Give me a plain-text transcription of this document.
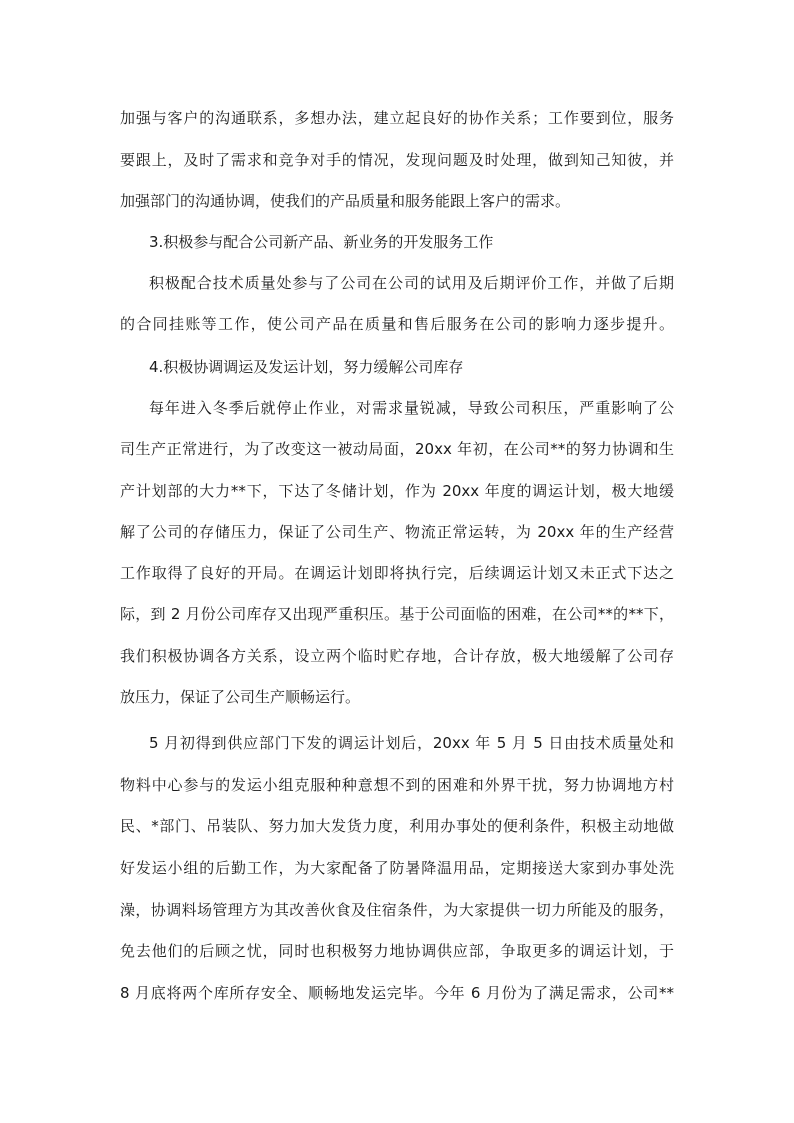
加强与客户的沟通联系，多想办法，建立起良好的协作关系；工作要到位，服务
要跟上，及时了需求和竞争对手的情况，发现问题及时处理，做到知己知彼，并
加强部门的沟通协调，使我们的产品质量和服务能跟上客户的需求。
3.积极参与配合公司新产品、新业务的开发服务工作
积极配合技术质量处参与了公司在公司的试用及后期评价工作，并做了后期
的合同挂账等工作，使公司产品在质量和售后服务在公司的影响力逐步提升。
4.积极协调调运及发运计划，努力缓解公司库存
每年进入冬季后就停止作业，对需求量锐减，导致公司积压，严重影响了公
司生产正常进行，为了改变这一被动局面，20xx 年初，在公司**的努力协调和生
产计划部的大力**下，下达了冬储计划，作为 20xx 年度的调运计划，极大地缓
解了公司的存储压力，保证了公司生产、物流正常运转，为 20xx 年的生产经营
工作取得了良好的开局。在调运计划即将执行完，后续调运计划又未正式下达之
际，到 2 月份公司库存又出现严重积压。基于公司面临的困难，在公司**的**下，
我们积极协调各方关系，设立两个临时贮存地，合计存放，极大地缓解了公司存
放压力，保证了公司生产顺畅运行。
5 月初得到供应部门下发的调运计划后，20xx 年 5 月 5 日由技术质量处和
物料中心参与的发运小组克服种种意想不到的困难和外界干扰，努力协调地方村
民、*部门、吊装队、努力加大发货力度，利用办事处的便利条件，积极主动地做
好发运小组的后勤工作，为大家配备了防暑降温用品，定期接送大家到办事处洗
澡，协调料场管理方为其改善伙食及住宿条件，为大家提供一切力所能及的服务，
免去他们的后顾之忧，同时也积极努力地协调供应部，争取更多的调运计划，于
8 月底将两个库所存安全、顺畅地发运完毕。今年 6 月份为了满足需求，公司**
